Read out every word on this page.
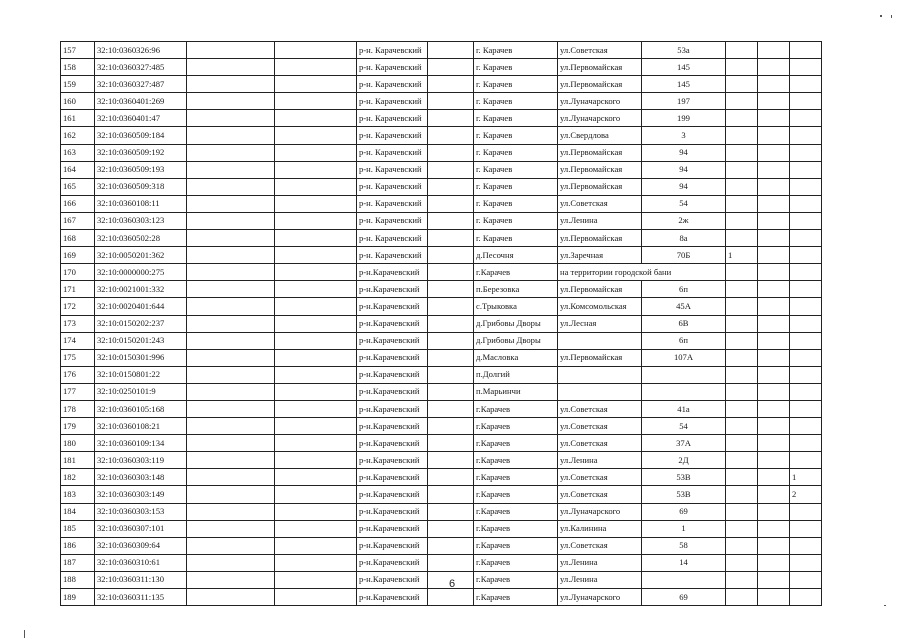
157	32:10:0360326:96			р-н. Карачевский		г. Карачев	ул.Советская	53а			
158	32:10:0360327:485			р-н. Карачевский		г. Карачев	ул.Первомайская	145			
159	32:10:0360327:487			р-н. Карачевский		г. Карачев	ул.Первомайская	145			
160	32:10:0360401:269			р-н. Карачевский		г. Карачев	ул.Луначарского	197			
161	32:10:0360401:47			р-н. Карачевский		г. Карачев	ул.Луначарского	199			
162	32:10:0360509:184			р-н. Карачевский		г. Карачев	ул.Свердлова	3			
163	32:10:0360509:192			р-н. Карачевский		г. Карачев	ул.Первомайская	94			
164	32:10:0360509:193			р-н. Карачевский		г. Карачев	ул.Первомайская	94			
165	32:10:0360509:318			р-н. Карачевский		г. Карачев	ул.Первомайская	94			
166	32:10:0360108:11			р-н. Карачевский		г. Карачев	ул.Советская	54			
167	32:10:0360303:123			р-н. Карачевский		г. Карачев	ул.Ленина	2ж			
168	32:10:0360502:28			р-н. Карачевский		г. Карачев	ул.Первомайская	8а			
169	32:10:0050201:362			р-н. Карачевский		д.Песочня	ул.Заречная	70Б	1		
170	32:10:0000000:275			р-н.Карачевский		г.Карачев	на территории городской бани				
171	32:10:0021001:332			р-н.Карачевский		п.Березовка	ул.Первомайская	6п			
172	32:10:0020401:644			р-н.Карачевский		с.Трыковка	ул.Комсомольская	45А			
173	32:10:0150202:237			р-н.Карачевский		д.Грибовы Дворы	ул.Лесная	6В			
174	32:10:0150201:243			р-н.Карачевский		д.Грибовы Дворы		6п			
175	32:10:0150301:996			р-н.Карачевский		д.Масловка	ул.Первомайская	107А			
176	32:10:0150801:22			р-н.Карачевский		п.Долгий					
177	32:10:0250101:9			р-н.Карачевский		п.Марьинчи					
178	32:10:0360105:168			р-н.Карачевский		г.Карачев	ул.Советская	41а			
179	32:10:0360108:21			р-н.Карачевский		г.Карачев	ул.Советская	54			
180	32:10:0360109:134			р-н.Карачевский		г.Карачев	ул.Советская	37А			
181	32:10:0360303:119			р-н.Карачевский		г.Карачев	ул.Ленина	2Д			
182	32:10:0360303:148			р-н.Карачевский		г.Карачев	ул.Советская	53В			1
183	32:10:0360303:149			р-н.Карачевский		г.Карачев	ул.Советская	53В			2
184	32:10:0360303:153			р-н.Карачевский		г.Карачев	ул.Луначарского	69			
185	32:10:0360307:101			р-н.Карачевский		г.Карачев	ул.Калинина	1			
186	32:10:0360309:64			р-н.Карачевский		г.Карачев	ул.Советская	58			
187	32:10:0360310:61			р-н.Карачевский		г.Карачев	ул.Ленина	14			
188	32:10:0360311:130			р-н.Карачевский		г.Карачев	ул.Ленина				
189	32:10:0360311:135			р-н.Карачевский		г.Карачев	ул.Луначарского	69			
6
